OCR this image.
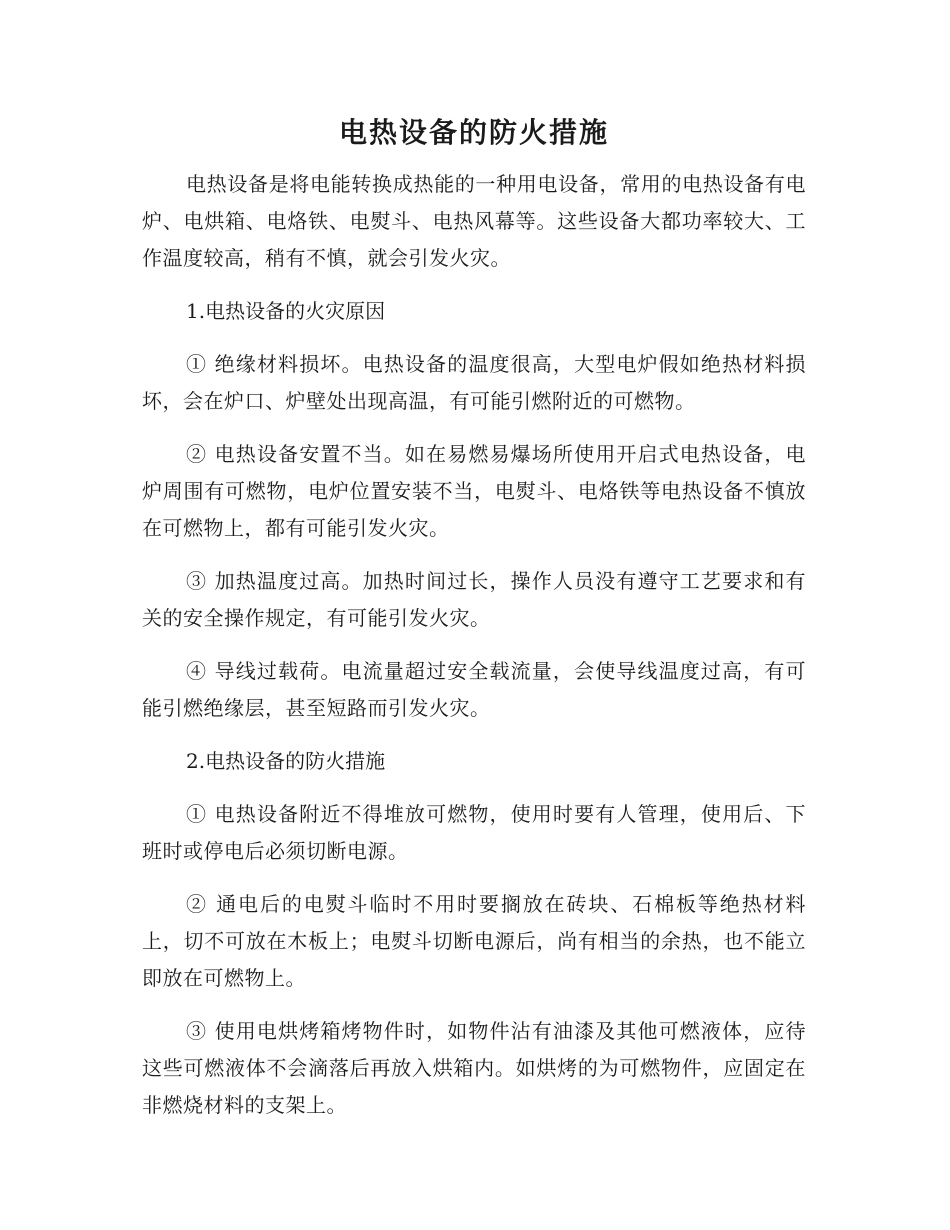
电热设备的防火措施

电热设备是将电能转换成热能的一种用电设备，常用的电热设备有电炉、电烘箱、电烙铁、电熨斗、电热风幕等。这些设备大都功率较大、工作温度较高，稍有不慎，就会引发火灾。

1.电热设备的火灾原因

① 绝缘材料损坏。电热设备的温度很高，大型电炉假如绝热材料损坏，会在炉口、炉壁处出现高温，有可能引燃附近的可燃物。

② 电热设备安置不当。如在易燃易爆场所使用开启式电热设备，电炉周围有可燃物，电炉位置安装不当，电熨斗、电烙铁等电热设备不慎放在可燃物上，都有可能引发火灾。

③ 加热温度过高。加热时间过长，操作人员没有遵守工艺要求和有关的安全操作规定，有可能引发火灾。

④ 导线过载荷。电流量超过安全载流量，会使导线温度过高，有可能引燃绝缘层，甚至短路而引发火灾。

2.电热设备的防火措施

① 电热设备附近不得堆放可燃物，使用时要有人管理，使用后、下班时或停电后必须切断电源。

② 通电后的电熨斗临时不用时要搁放在砖块、石棉板等绝热材料上，切不可放在木板上；电熨斗切断电源后，尚有相当的余热，也不能立即放在可燃物上。

③ 使用电烘烤箱烤物件时，如物件沾有油漆及其他可燃液体，应待这些可燃液体不会滴落后再放入烘箱内。如烘烤的为可燃物件，应固定在非燃烧材料的支架上。
